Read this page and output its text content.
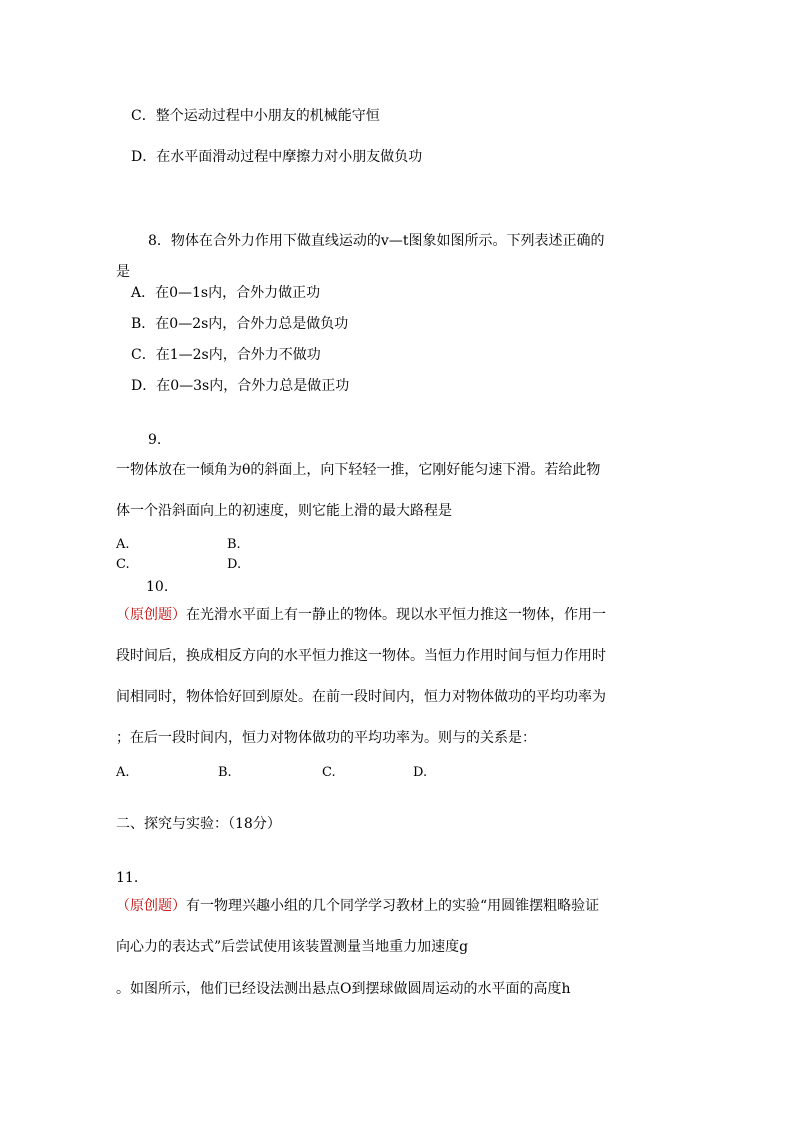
C．整个运动过程中小朋友的机械能守恒
D．在水平面滑动过程中摩擦力对小朋友做负功
8．物体在合外力作用下做直线运动的v—t图象如图所示。下列表述正确的
是
A．在0—1s内，合外力做正功
B．在0—2s内，合外力总是做负功
C．在1—2s内，合外力不做功
D．在0—3s内，合外力总是做正功
9.
一物体放在一倾角为θ的斜面上，向下轻轻一推，它刚好能匀速下滑。若给此物
体一个沿斜面向上的初速度，则它能上滑的最大路程是
A.	B.
C.	D.
10.
（原创题）在光滑水平面上有一静止的物体。现以水平恒力推这一物体，作用一
段时间后，换成相反方向的水平恒力推这一物体。当恒力作用时间与恒力作用时
间相同时，物体恰好回到原处。在前一段时间内，恒力对物体做功的平均功率为
；在后一段时间内，恒力对物体做功的平均功率为。则与的关系是：
A.	B.	C.	D.
二、探究与实验：（18分）
11.
（原创题）有一物理兴趣小组的几个同学学习教材上的实验“用圆锥摆粗略验证
向心力的表达式”后尝试使用该装置测量当地重力加速度g
。如图所示，他们已经设法测出悬点O到摆球做圆周运动的水平面的高度h
